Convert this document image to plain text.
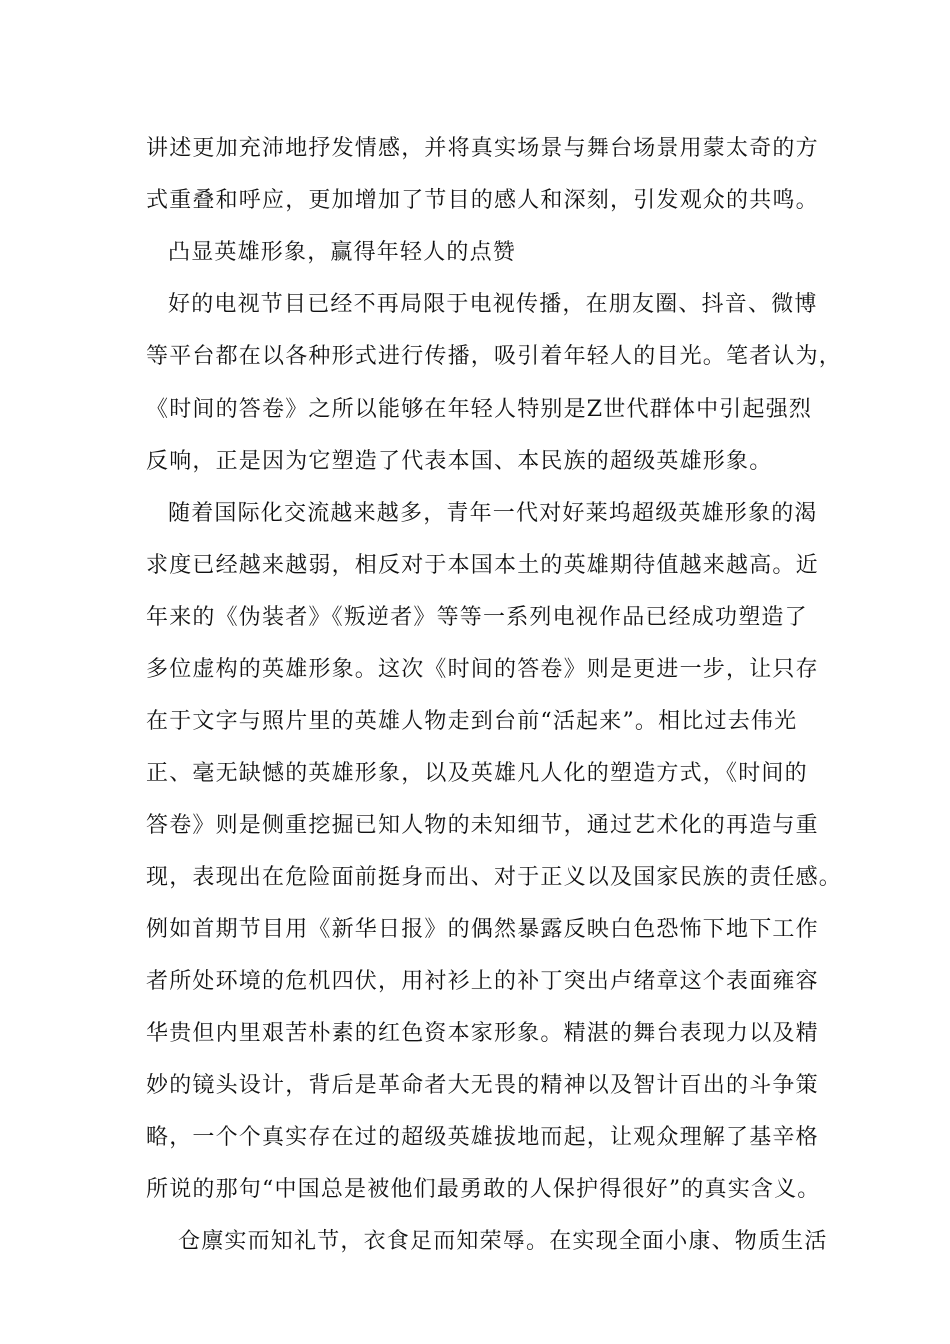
讲述更加充沛地抒发情感，并将真实场景与舞台场景用蒙太奇的方
式重叠和呼应，更加增加了节目的感人和深刻，引发观众的共鸣。
凸显英雄形象，赢得年轻人的点赞
好的电视节目已经不再局限于电视传播，在朋友圈、抖音、微博
等平台都在以各种形式进行传播，吸引着年轻人的目光。笔者认为，
《时间的答卷》之所以能够在年轻人特别是Z世代群体中引起强烈
反响，正是因为它塑造了代表本国、本民族的超级英雄形象。
随着国际化交流越来越多，青年一代对好莱坞超级英雄形象的渴
求度已经越来越弱，相反对于本国本土的英雄期待值越来越高。近
年来的《伪装者》《叛逆者》等等一系列电视作品已经成功塑造了
多位虚构的英雄形象。这次《时间的答卷》则是更进一步，让只存
在于文字与照片里的英雄人物走到台前“活起来”。相比过去伟光
正、毫无缺憾的英雄形象，以及英雄凡人化的塑造方式，《时间的
答卷》则是侧重挖掘已知人物的未知细节，通过艺术化的再造与重
现，表现出在危险面前挺身而出、对于正义以及国家民族的责任感。
例如首期节目用《新华日报》的偶然暴露反映白色恐怖下地下工作
者所处环境的危机四伏，用衬衫上的补丁突出卢绪章这个表面雍容
华贵但内里艰苦朴素的红色资本家形象。精湛的舞台表现力以及精
妙的镜头设计，背后是革命者大无畏的精神以及智计百出的斗争策
略，一个个真实存在过的超级英雄拔地而起，让观众理解了基辛格
所说的那句“中国总是被他们最勇敢的人保护得很好”的真实含义。
仓廪实而知礼节，衣食足而知荣辱。在实现全面小康、物质生活
